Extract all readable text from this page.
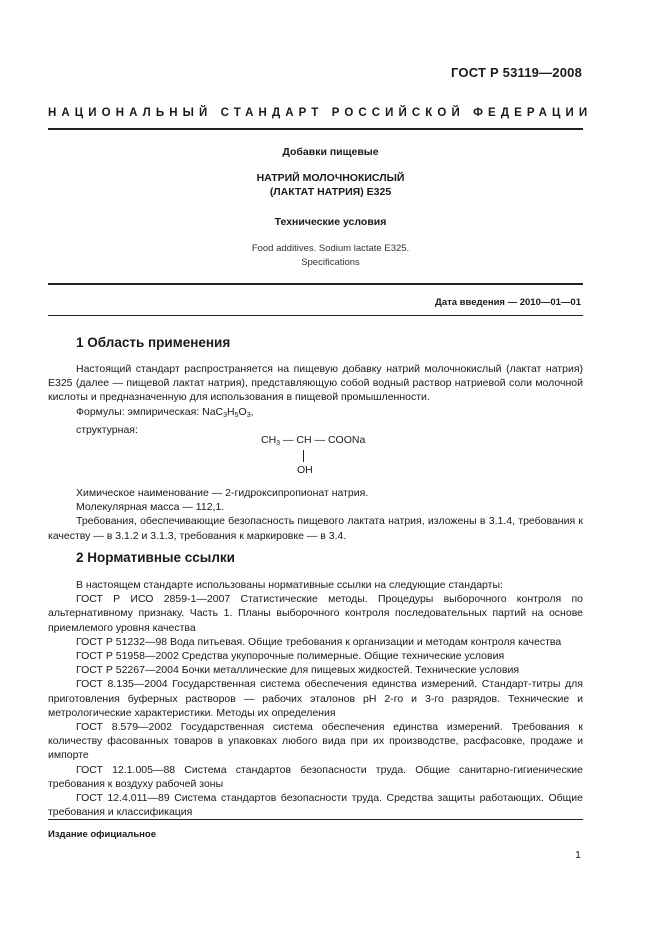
ГОСТ Р 53119—2008
НАЦИОНАЛЬНЫЙ СТАНДАРТ РОССИЙСКОЙ ФЕДЕРАЦИИ
Добавки пищевые
НАТРИЙ МОЛОЧНОКИСЛЫЙ
(ЛАКТАТ НАТРИЯ) Е325
Технические условия
Food additives. Sodium lactate E325.
Specifications
Дата введения — 2010—01—01
1 Область применения

Настоящий стандарт распространяется на пищевую добавку натрий молочнокислый (лактат натрия) Е325 (далее — пищевой лактат натрия), представляющую собой водный раствор натриевой соли молочной кислоты и предназначенную для использования в пищевой промышленности.

Формулы: эмпирическая: $NaC_3H_5O_3$,

структурная:

$CH_3$ — CH — COONa
OH

Химическое наименование — 2-гидроксипропионат натрия.

Молекулярная масса — 112,1.

Требования, обеспечивающие безопасность пищевого лактата натрия, изложены в 3.1.4, требования к качеству — в 3.1.2 и 3.1.3, требования к маркировке — в 3.4.

2 Нормативные ссылки

В настоящем стандарте использованы нормативные ссылки на следующие стандарты:

ГОСТ Р ИСО 2859-1—2007 Статистические методы. Процедуры выборочного контроля по альтернативному признаку. Часть 1. Планы выборочного контроля последовательных партий на основе приемлемого уровня качества

ГОСТ Р 51232—98 Вода питьевая. Общие требования к организации и методам контроля качества

ГОСТ Р 51958—2002 Средства укупорочные полимерные. Общие технические условия

ГОСТ Р 52267—2004 Бочки металлические для пищевых жидкостей. Технические условия

ГОСТ 8.135—2004 Государственная система обеспечения единства измерений. Стандарт-титры для приготовления буферных растворов — рабочих эталонов pH 2-го и 3-го разрядов. Технические и метрологические характеристики. Методы их определения

ГОСТ 8.579—2002 Государственная система обеспечения единства измерений. Требования к количеству фасованных товаров в упаковках любого вида при их производстве, расфасовке, продаже и импорте

ГОСТ 12.1.005—88 Система стандартов безопасности труда. Общие санитарно-гигиенические требования к воздуху рабочей зоны

ГОСТ 12.4.011—89 Система стандартов безопасности труда. Средства защиты работающих. Общие требования и классификация

Издание официальное
1
